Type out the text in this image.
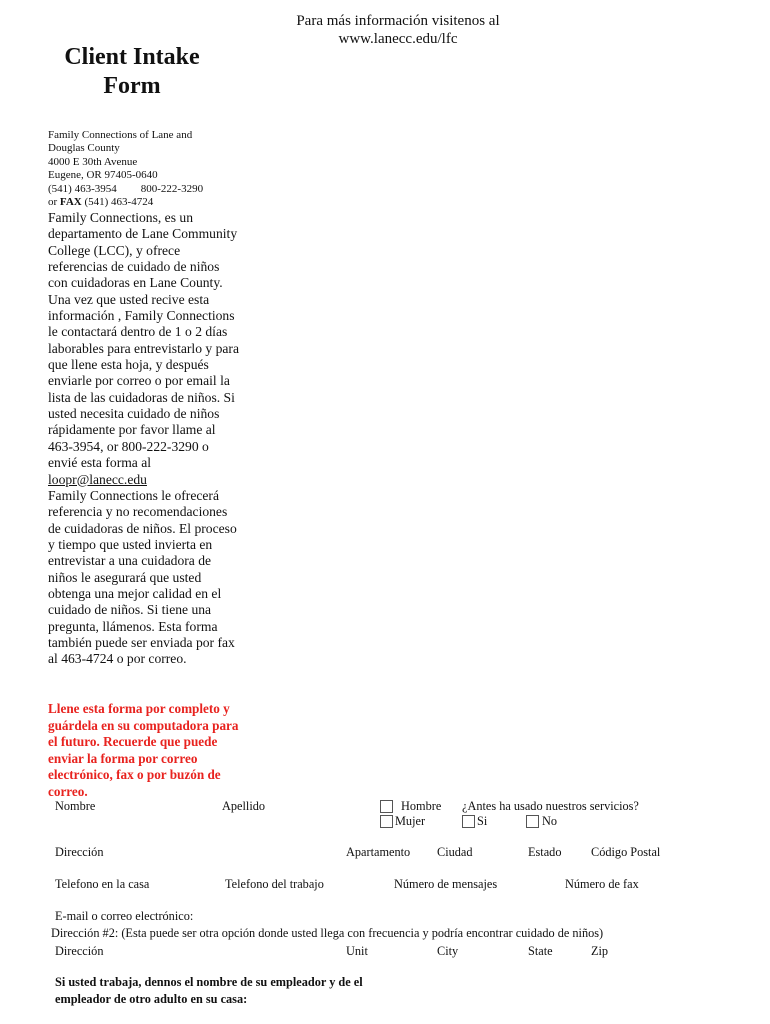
Para más información visitenos al
www.lanecc.edu/lfc
Client Intake
Form
Family Connections of Lane and
Douglas County
4000 E 30th Avenue
Eugene, OR 97405-0640
(541) 463-3954 800-222-3290
or FAX (541) 463-4724
Family Connections, es un departamento de Lane Community College (LCC), y ofrece referencias de cuidado de niños con cuidadoras en Lane County. Una vez que usted recive esta información , Family Connections le contactará dentro de 1 o 2 días laborables para entrevistarlo y para que llene esta hoja, y después enviarle por correo o por email la lista de las cuidadoras de niños. Si usted necesita cuidado de niños rápidamente por favor llame al 463-3954, or 800-222-3290 o envié esta forma al
loopr@lanecc.edu
Family Connections le ofrecerá referencia y no recomendaciones de cuidadoras de niños. El proceso y tiempo que usted invierta en entrevistar a una cuidadora de niños le asegurará que usted obtenga una mejor calidad en el cuidado de niños. Si tiene una pregunta, llámenos. Esta forma también puede ser enviada por fax al 463-4724 o por correo.
Llene esta forma por completo y guárdela en su computadora para el futuro. Recuerde que puede enviar la forma por correo electrónico, fax o por buzón de correo.
Nombre	Apellido	Hombre
Mujer
¿Antes ha usado nuestros servicios?
Si	No
Dirección	Apartamento Ciudad	Estado Código Postal
Telefono en la casa	Telefono del trabajo	Número de mensajes	Número de fax
E-mail o correo electrónico:
Dirección #2: (Esta puede ser otra opción donde usted llega con frecuencia y podría encontrar cuidado de niños)
Dirección	Unit	City	State	Zip
Si usted trabaja, dennos el nombre de su empleador y de el empleador de otro adulto en su casa:
